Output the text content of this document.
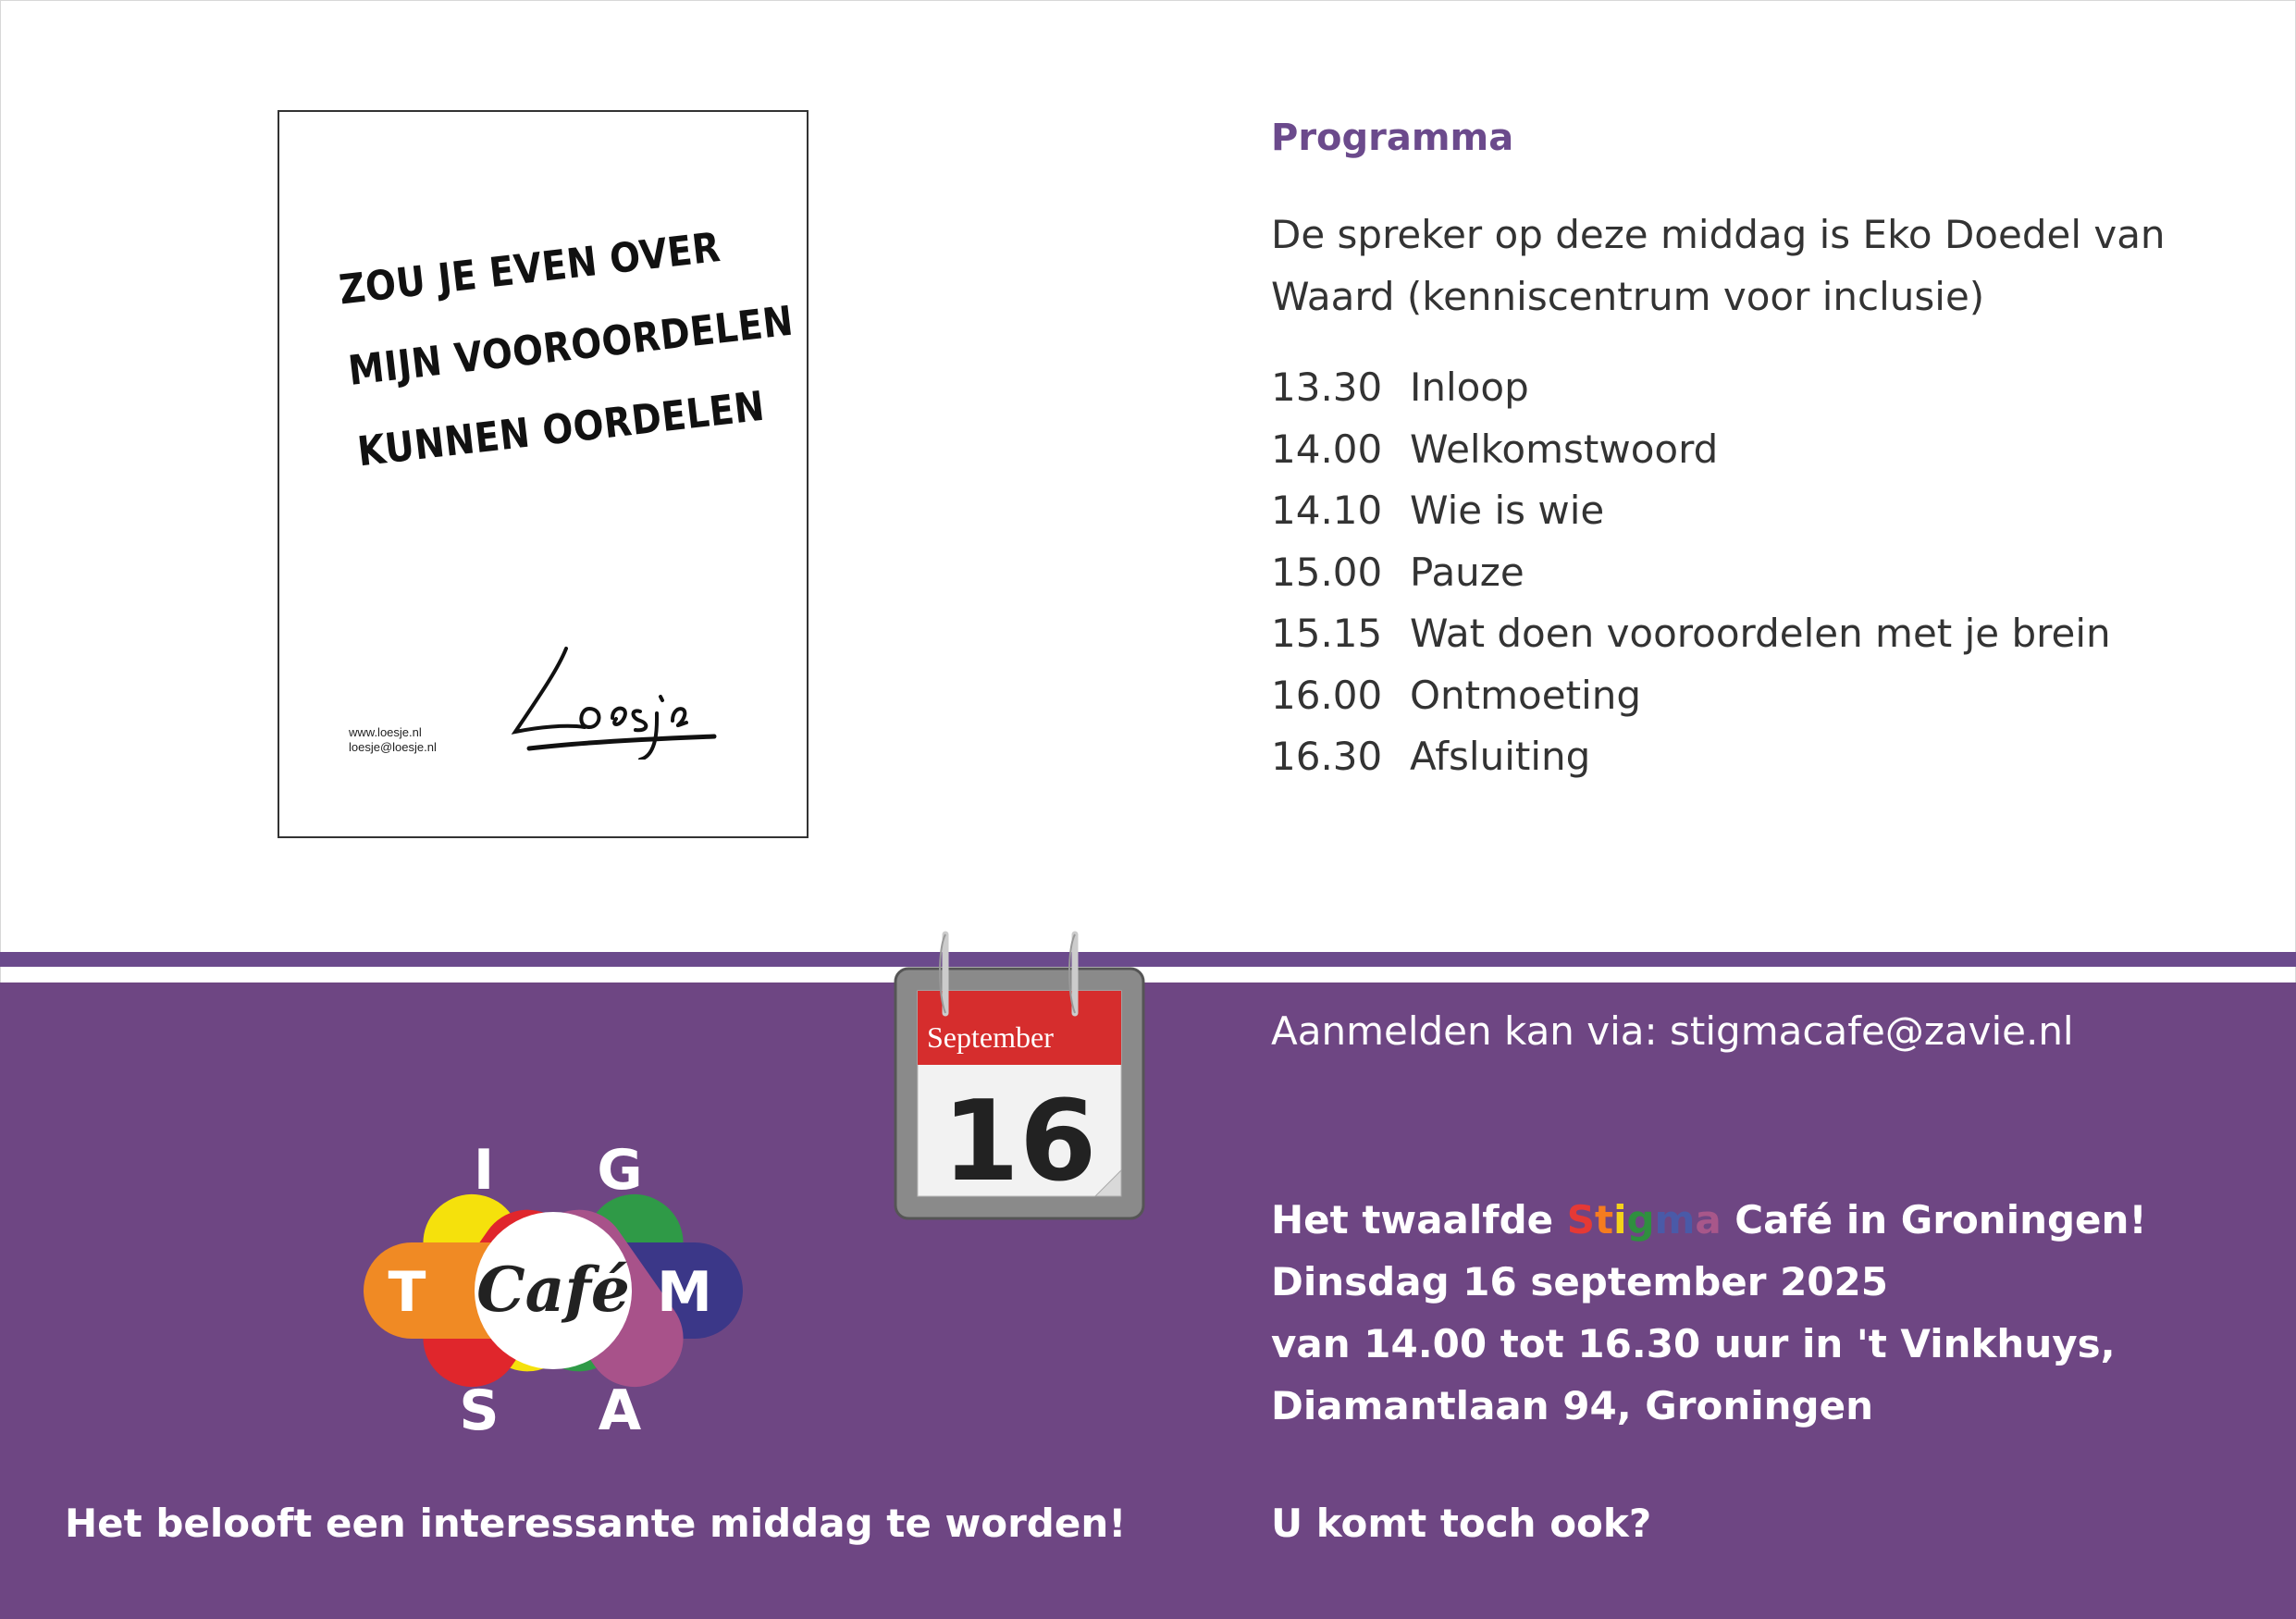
ZOU JE EVEN OVER
MIJN VOOROORDELEN
KUNNEN OORDELEN
www.loesje.nl
loesje@loesje.nl
Programma
De spreker op deze middag is Eko Doedel van Waard (kenniscentrum voor inclusie)
13.30 Inloop
14.00 Welkomstwoord
14.10 Wie is wie
15.00 Pauze
15.15 Wat doen vooroordelen met je brein
16.00 Ontmoeting
16.30 Afsluiting
September
16
I G
M
A
S
T Café
Aanmelden kan via: stigmacafe@zavie.nl
Het twaalfde Stigma Café in Groningen!
Dinsdag 16 september 2025
van 14.00 tot 16.30 uur in 't Vinkhuys,
Diamantlaan 94, Groningen
U komt toch ook?
Het belooft een interessante middag te worden!
